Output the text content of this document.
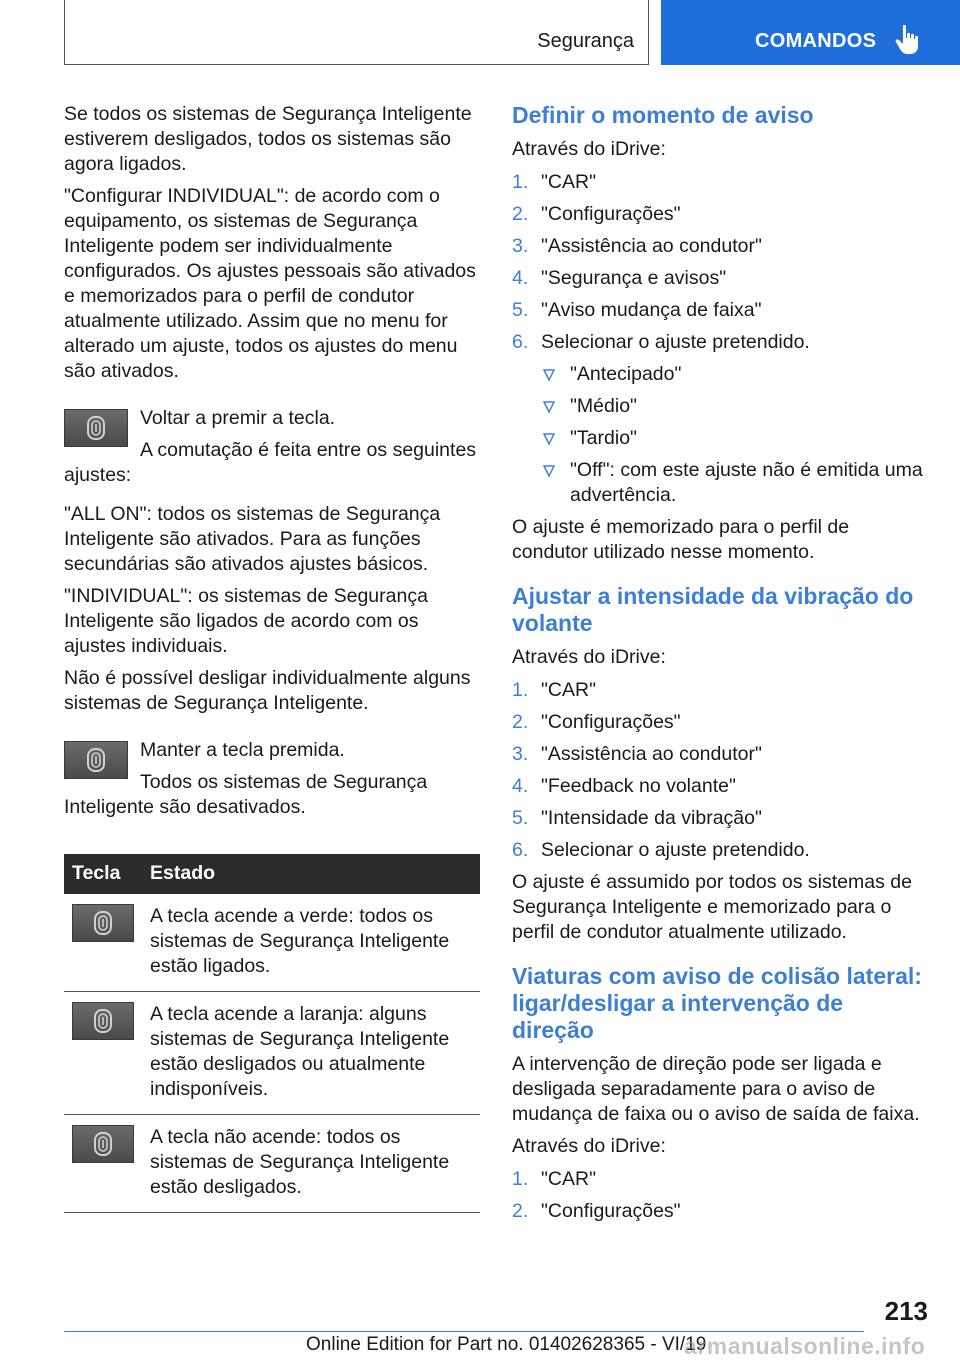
Segurança	COMANDOS

Se todos os sistemas de Segurança Inteligente estiverem desligados, todos os sistemas são agora ligados.

"Configurar INDIVIDUAL": de acordo com o equipamento, os sistemas de Segurança Inteligente podem ser individualmente configurados. Os ajustes pessoais são ativados e memorizados para o perfil de condutor atualmente utilizado. Assim que no menu for alterado um ajuste, todos os ajustes do menu são ativados.

Voltar a premir a tecla.

A comutação é feita entre os seguintes ajustes:

"ALL ON": todos os sistemas de Segurança Inteligente são ativados. Para as funções secundárias são ativados ajustes básicos.

"INDIVIDUAL": os sistemas de Segurança Inteligente são ligados de acordo com os ajustes individuais.

Não é possível desligar individualmente alguns sistemas de Segurança Inteligente.

Manter a tecla premida.

Todos os sistemas de Segurança Inteligente são desativados.

Tecla	Estado

	A tecla acende a verde: todos os sistemas de Segurança Inteligente estão ligados.

	A tecla acende a laranja: alguns sistemas de Segurança Inteligente estão desligados ou atualmente indisponíveis.

	A tecla não acende: todos os sistemas de Segurança Inteligente estão desligados.
Definir o momento de aviso

Através do iDrive:

1. "CAR"
2. "Configurações"
3. "Assistência ao condutor"
4. "Segurança e avisos"
5. "Aviso mudança de faixa"
6. Selecionar o ajuste pretendido.
"Antecipado"
"Médio"
"Tardio"
"Off": com este ajuste não é emitida uma advertência.

O ajuste é memorizado para o perfil de condutor utilizado nesse momento.

Ajustar a intensidade da vibração do volante

Através do iDrive:

1. "CAR"
2. "Configurações"
3. "Assistência ao condutor"
4. "Feedback no volante"
5. "Intensidade da vibração"
6. Selecionar o ajuste pretendido.

O ajuste é assumido por todos os sistemas de Segurança Inteligente e memorizado para o perfil de condutor atualmente utilizado.

Viaturas com aviso de colisão lateral: ligar/desligar a intervenção de direção

A intervenção de direção pode ser ligada e desligada separadamente para o aviso de mudança de faixa ou o aviso de saída de faixa.

Através do iDrive:

1. "CAR"
2. "Configurações"
213
Online Edition for Part no. 01402628365 - VI/19
armanualsonline.info
